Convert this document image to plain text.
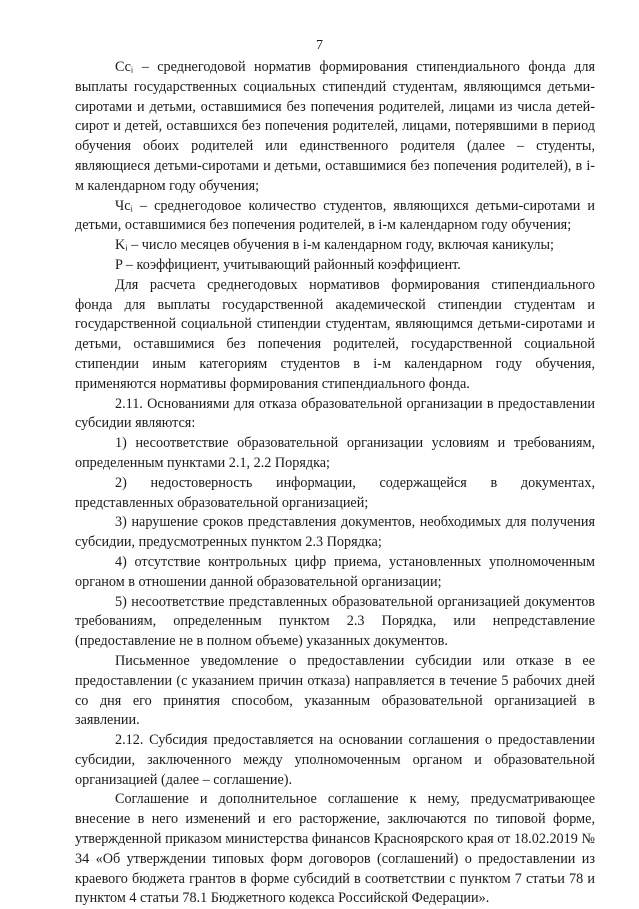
7

Ссᵢ – среднегодовой норматив формирования стипендиального фонда для выплаты государственных социальных стипендий студентам, являющимся детьми-сиротами и детьми, оставшимися без попечения родителей, лицами из числа детей-сирот и детей, оставшихся без попечения родителей, лицами, потерявшими в период обучения обоих родителей или единственного родителя (далее – студенты, являющиеся детьми-сиротами и детьми, оставшимися без попечения родителей), в i-м календарном году обучения;

Чсᵢ – среднегодовое количество студентов, являющихся детьми-сиротами и детьми, оставшимися без попечения родителей, в i-м календарном году обучения;

Kᵢ – число месяцев обучения в i-м календарном году, включая каникулы;

P – коэффициент, учитывающий районный коэффициент.

Для расчета среднегодовых нормативов формирования стипендиального фонда для выплаты государственной академической стипендии студентам и государственной социальной стипендии студентам, являющимся детьми-сиротами и детьми, оставшимися без попечения родителей, государственной социальной стипендии иным категориям студентов в i-м календарном году обучения, применяются нормативы формирования стипендиального фонда.

2.11. Основаниями для отказа образовательной организации в предоставлении субсидии являются:

1) несоответствие образовательной организации условиям и требованиям, определенным пунктами 2.1, 2.2 Порядка;

2) недостоверность информации, содержащейся в документах, представленных образовательной организацией;

3) нарушение сроков представления документов, необходимых для получения субсидии, предусмотренных пунктом 2.3 Порядка;

4) отсутствие контрольных цифр приема, установленных уполномоченным органом в отношении данной образовательной организации;

5) несоответствие представленных образовательной организацией документов требованиям, определенным пунктом 2.3 Порядка, или непредставление (предоставление не в полном объеме) указанных документов.

Письменное уведомление о предоставлении субсидии или отказе в ее предоставлении (с указанием причин отказа) направляется в течение 5 рабочих дней со дня его принятия способом, указанным образовательной организацией в заявлении.

2.12. Субсидия предоставляется на основании соглашения о предоставлении субсидии, заключенного между уполномоченным органом и образовательной организацией (далее – соглашение).

Соглашение и дополнительное соглашение к нему, предусматривающее внесение в него изменений и его расторжение, заключаются по типовой форме, утвержденной приказом министерства финансов Красноярского края от 18.02.2019 № 34 «Об утверждении типовых форм договоров (соглашений) о предоставлении из краевого бюджета грантов в форме субсидий в соответствии с пунктом 7 статьи 78 и пунктом 4 статьи 78.1 Бюджетного кодекса Российской Федерации».
